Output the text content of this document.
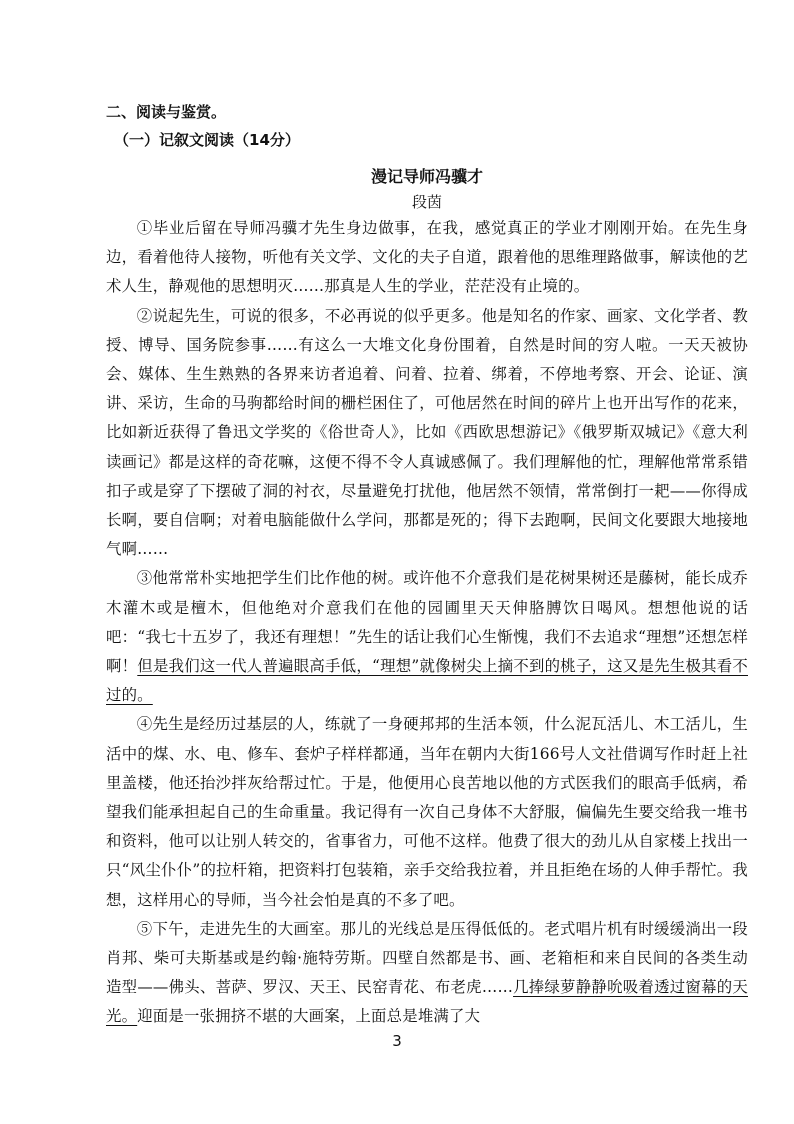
二、阅读与鉴赏。

（一）记叙文阅读（14分）

漫记导师冯骥才

段茵

①毕业后留在导师冯骥才先生身边做事，在我，感觉真正的学业才刚刚开始。在先生身边，看着他待人接物，听他有关文学、文化的夫子自道，跟着他的思维理路做事，解读他的艺术人生，静观他的思想明灭……那真是人生的学业，茫茫没有止境的。

②说起先生，可说的很多，不必再说的似乎更多。他是知名的作家、画家、文化学者、教授、博导、国务院参事……有这么一大堆文化身份围着，自然是时间的穷人啦。一天天被协会、媒体、生生熟熟的各界来访者追着、问着、拉着、绑着，不停地考察、开会、论证、演讲、采访，生命的马驹都给时间的栅栏困住了，可他居然在时间的碎片上也开出写作的花来，比如新近获得了鲁迅文学奖的《俗世奇人》，比如《西欧思想游记》《俄罗斯双城记》《意大利读画记》都是这样的奇花嘛，这便不得不令人真诚感佩了。我们理解他的忙，理解他常常系错扣子或是穿了下摆破了洞的衬衣，尽量避免打扰他，他居然不领情，常常倒打一耙——你得成长啊，要自信啊；对着电脑能做什么学问，那都是死的；得下去跑啊，民间文化要跟大地接地气啊……

③他常常朴实地把学生们比作他的树。或许他不介意我们是花树果树还是藤树，能长成乔木灌木或是檀木，但他绝对介意我们在他的园圃里天天伸胳膊饮日喝风。想想他说的话吧：“我七十五岁了，我还有理想！”先生的话让我们心生惭愧，我们不去追求“理想”还想怎样啊！但是我们这一代人普遍眼高手低，“理想”就像树尖上摘不到的桃子，这又是先生极其看不过的。

④先生是经历过基层的人，练就了一身硬邦邦的生活本领，什么泥瓦活儿、木工活儿，生活中的煤、水、电、修车、套炉子样样都通，当年在朝内大街166号人文社借调写作时赶上社里盖楼，他还抬沙拌灰给帮过忙。于是，他便用心良苦地以他的方式医我们的眼高手低病，希望我们能承担起自己的生命重量。我记得有一次自己身体不大舒服，偏偏先生要交给我一堆书和资料，他可以让别人转交的，省事省力，可他不这样。他费了很大的劲儿从自家楼上找出一只“风尘仆仆”的拉杆箱，把资料打包装箱，亲手交给我拉着，并且拒绝在场的人伸手帮忙。我想，这样用心的导师，当今社会怕是真的不多了吧。

⑤下午，走进先生的大画室。那儿的光线总是压得低低的。老式唱片机有时缓缓淌出一段肖邦、柴可夫斯基或是约翰·施特劳斯。四壁自然都是书、画、老箱柜和来自民间的各类生动造型——佛头、菩萨、罗汉、天王、民窑青花、布老虎……几捧绿萝静静吮吸着透过窗幕的天光。迎面是一张拥挤不堪的大画案，上面总是堆满了大

3
